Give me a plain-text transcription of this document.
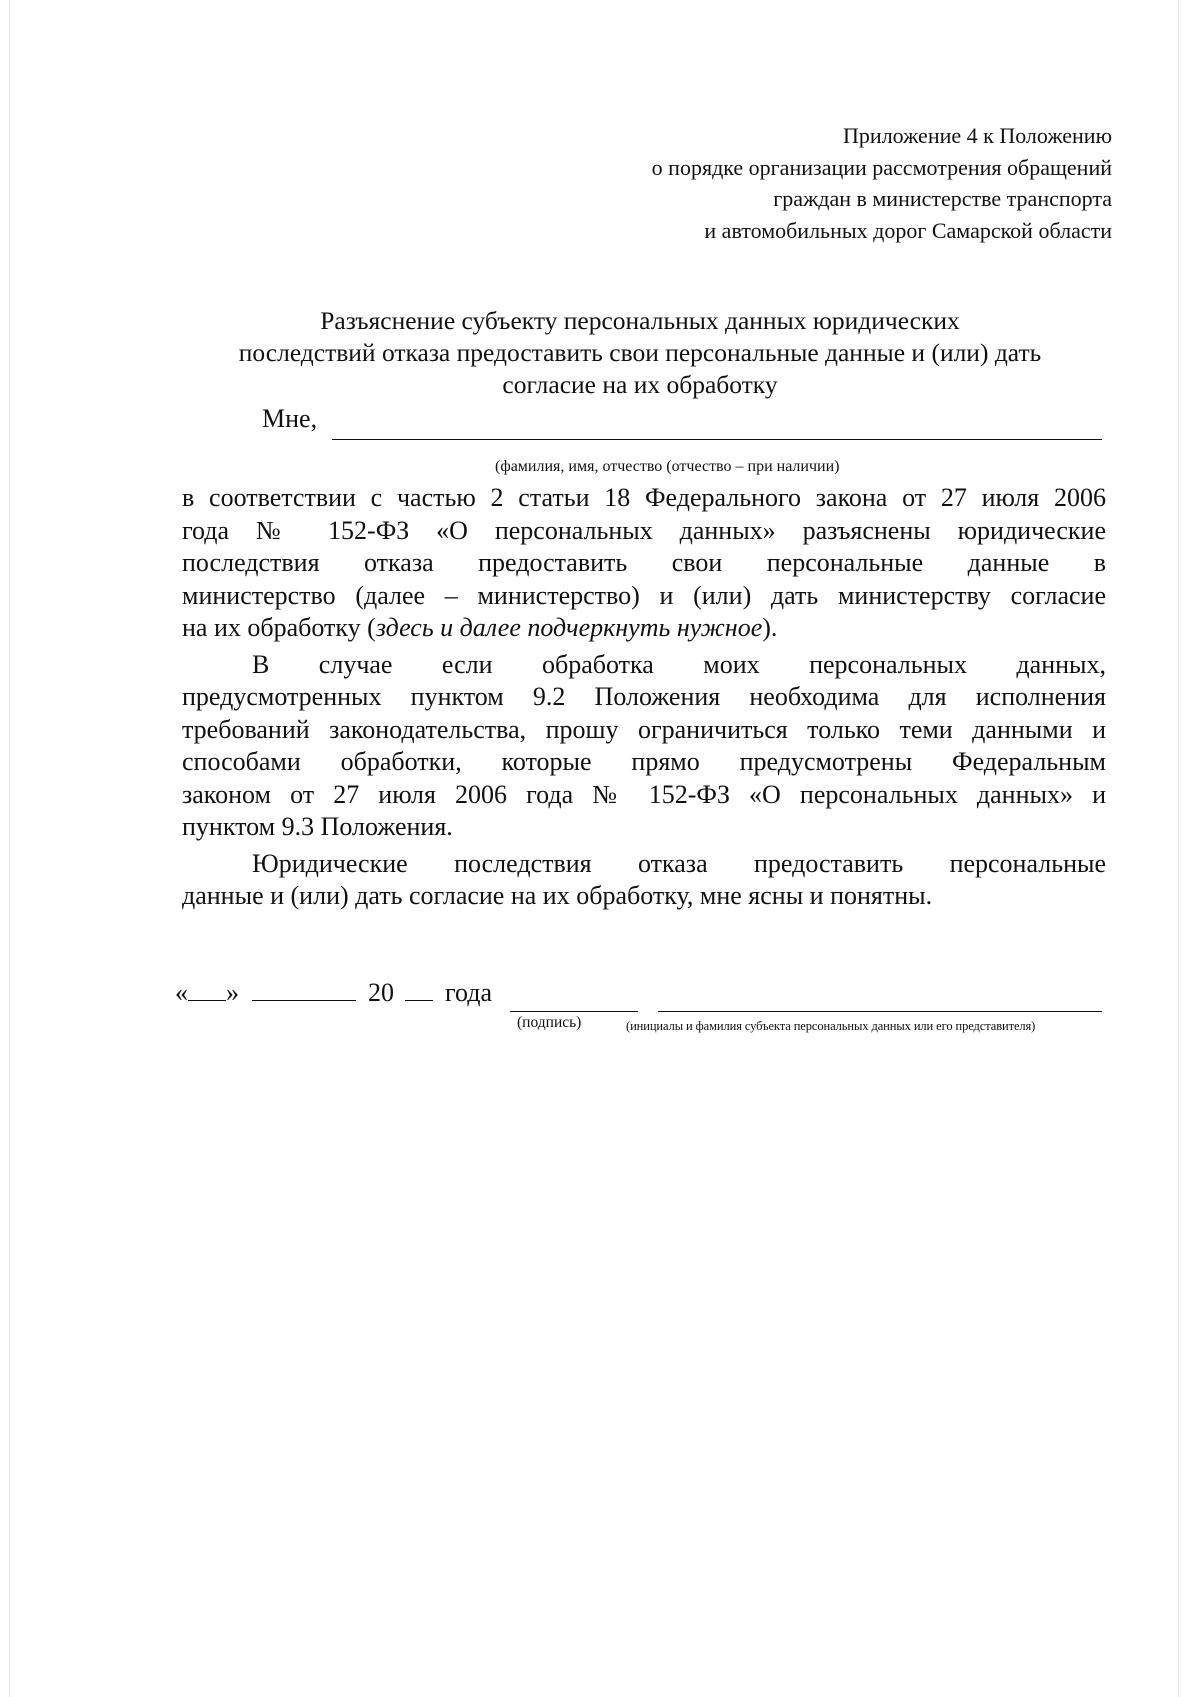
Приложение 4 к Положению
о порядке организации рассмотрения обращений
граждан в министерстве транспорта
и автомобильных дорог Самарской области
Разъяснение субъекту персональных данных юридических
последствий отказа предоставить свои персональные данные и (или) дать
согласие на их обработку
Мне,
(фамилия, имя, отчество (отчество – при наличии)
в соответствии с частью 2 статьи 18 Федерального закона от 27 июля 2006
года № 152-ФЗ «О персональных данных» разъяснены юридические
последствия отказа предоставить свои персональные данные в
министерство (далее – министерство) и (или) дать министерству согласие
на их обработку (здесь и далее подчеркнуть нужное).
В случае если обработка моих персональных данных,
предусмотренных пунктом 9.2 Положения необходима для исполнения
требований законодательства, прошу ограничиться только теми данными и
способами обработки, которые прямо предусмотрены Федеральным
законом от 27 июля 2006 года № 152-ФЗ «О персональных данных» и
пунктом 9.3 Положения.
Юридические последствия отказа предоставить персональные
данные и (или) дать согласие на их обработку, мне ясны и понятны.
« »	20 года
(подпись)	(инициалы и фамилия субъекта персональных данных или его представителя)
